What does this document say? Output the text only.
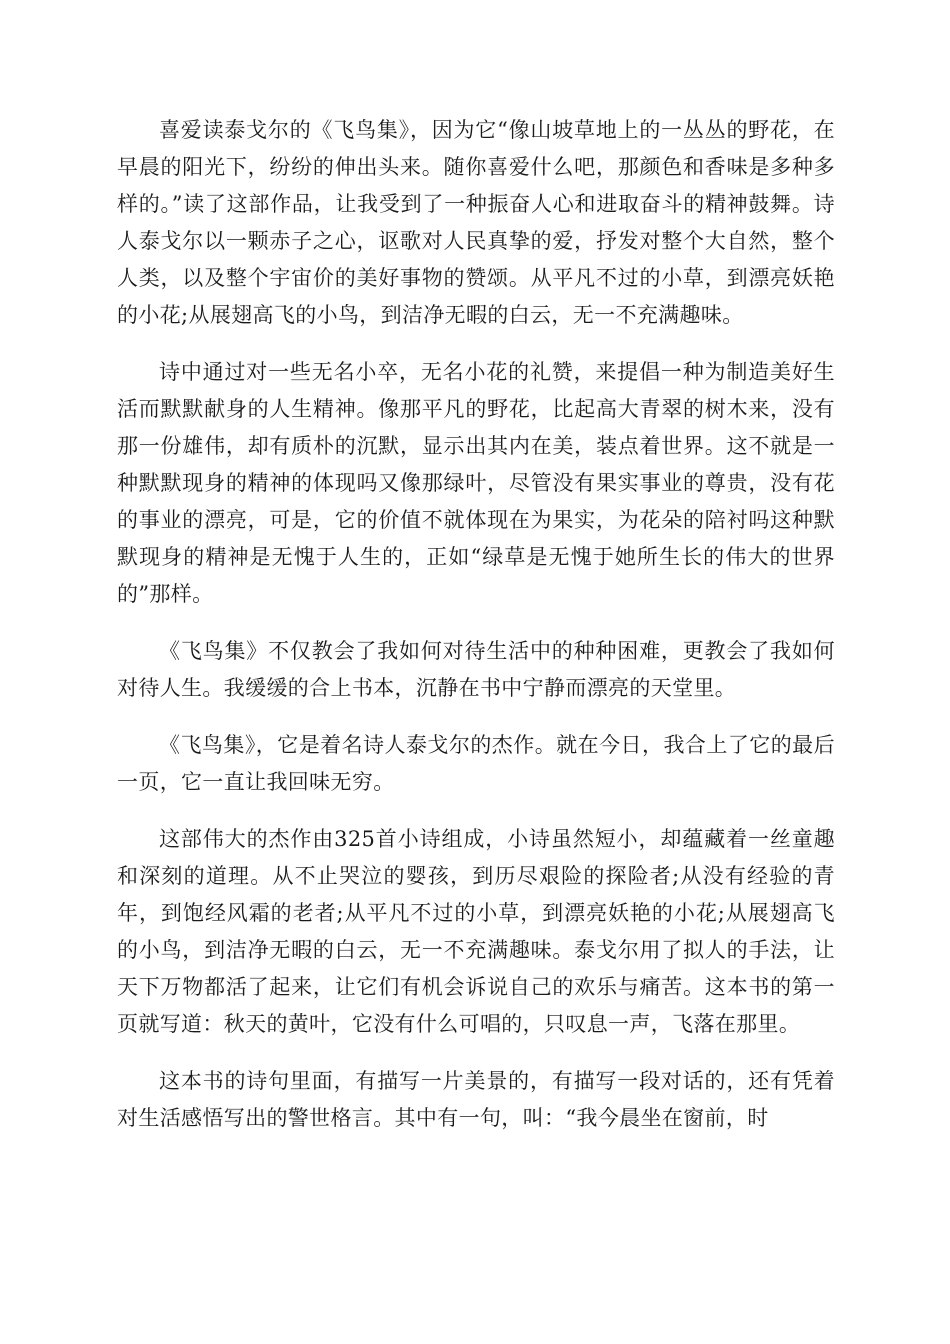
喜爱读泰戈尔的《飞鸟集》，因为它“像山坡草地上的一丛丛的野花，在早晨的阳光下，纷纷的伸出头来。随你喜爱什么吧，那颜色和香味是多种多样的。”读了这部作品，让我受到了一种振奋人心和进取奋斗的精神鼓舞。诗人泰戈尔以一颗赤子之心，讴歌对人民真挚的爱，抒发对整个大自然，整个人类，以及整个宇宙价的美好事物的赞颂。从平凡不过的小草，到漂亮妖艳的小花;从展翅高飞的小鸟，到洁净无暇的白云，无一不充满趣味。

诗中通过对一些无名小卒，无名小花的礼赞，来提倡一种为制造美好生活而默默献身的人生精神。像那平凡的野花，比起高大青翠的树木来，没有那一份雄伟，却有质朴的沉默，显示出其内在美，装点着世界。这不就是一种默默现身的精神的体现吗又像那绿叶，尽管没有果实事业的尊贵，没有花的事业的漂亮，可是，它的价值不就体现在为果实，为花朵的陪衬吗这种默默现身的精神是无愧于人生的，正如“绿草是无愧于她所生长的伟大的世界的”那样。

《飞鸟集》不仅教会了我如何对待生活中的种种困难，更教会了我如何对待人生。我缓缓的合上书本，沉静在书中宁静而漂亮的天堂里。

《飞鸟集》，它是着名诗人泰戈尔的杰作。就在今日，我合上了它的最后一页，它一直让我回味无穷。

这部伟大的杰作由325首小诗组成，小诗虽然短小，却蕴藏着一丝童趣和深刻的道理。从不止哭泣的婴孩，到历尽艰险的探险者;从没有经验的青年，到饱经风霜的老者;从平凡不过的小草，到漂亮妖艳的小花;从展翅高飞的小鸟，到洁净无暇的白云，无一不充满趣味。泰戈尔用了拟人的手法，让天下万物都活了起来，让它们有机会诉说自己的欢乐与痛苦。这本书的第一页就写道：秋天的黄叶，它没有什么可唱的，只叹息一声，飞落在那里。

这本书的诗句里面，有描写一片美景的，有描写一段对话的，还有凭着对生活感悟写出的警世格言。其中有一句，叫：“我今晨坐在窗前，时
